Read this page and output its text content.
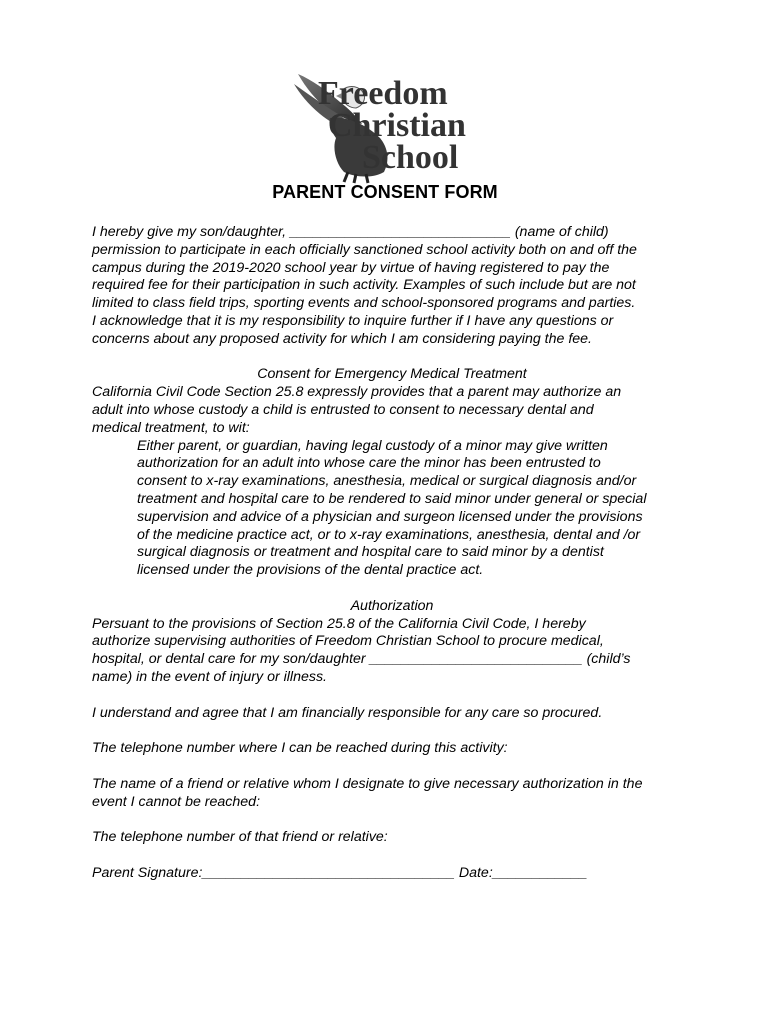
Freedom
Christian
School
PARENT CONSENT FORM

I hereby give my son/daughter, ____________________________ (name of child)

permission to participate in each officially sanctioned school activity both on and off the

campus during the 2019-2020 school year by virtue of having registered to pay the

required fee for their participation in such activity. Examples of such include but are not

limited to class field trips, sporting events and school-sponsored programs and parties.

I acknowledge that it is my responsibility to inquire further if I have any questions or

concerns about any proposed activity for which I am considering paying the fee.

Consent for Emergency Medical Treatment

California Civil Code Section 25.8 expressly provides that a parent may authorize an

adult into whose custody a child is entrusted to consent to necessary dental and

medical treatment, to wit:

Either parent, or guardian, having legal custody of a minor may give written

authorization for an adult into whose care the minor has been entrusted to

consent to x-ray examinations, anesthesia, medical or surgical diagnosis and/or

treatment and hospital care to be rendered to said minor under general or special

supervision and advice of a physician and surgeon licensed under the provisions

of the medicine practice act, or to x-ray examinations, anesthesia, dental and /or

surgical diagnosis or treatment and hospital care to said minor by a dentist

licensed under the provisions of the dental practice act.

Authorization

Persuant to the provisions of Section 25.8 of the California Civil Code, I hereby

authorize supervising authorities of Freedom Christian School to procure medical,

hospital, or dental care for my son/daughter ___________________________ (child’s

name) in the event of injury or illness.

I understand and agree that I am financially responsible for any care so procured.

The telephone number where I can be reached during this activity:

The name of a friend or relative whom I designate to give necessary authorization in the

event I cannot be reached:

The telephone number of that friend or relative:

Parent Signature:________________________________ Date:____________
